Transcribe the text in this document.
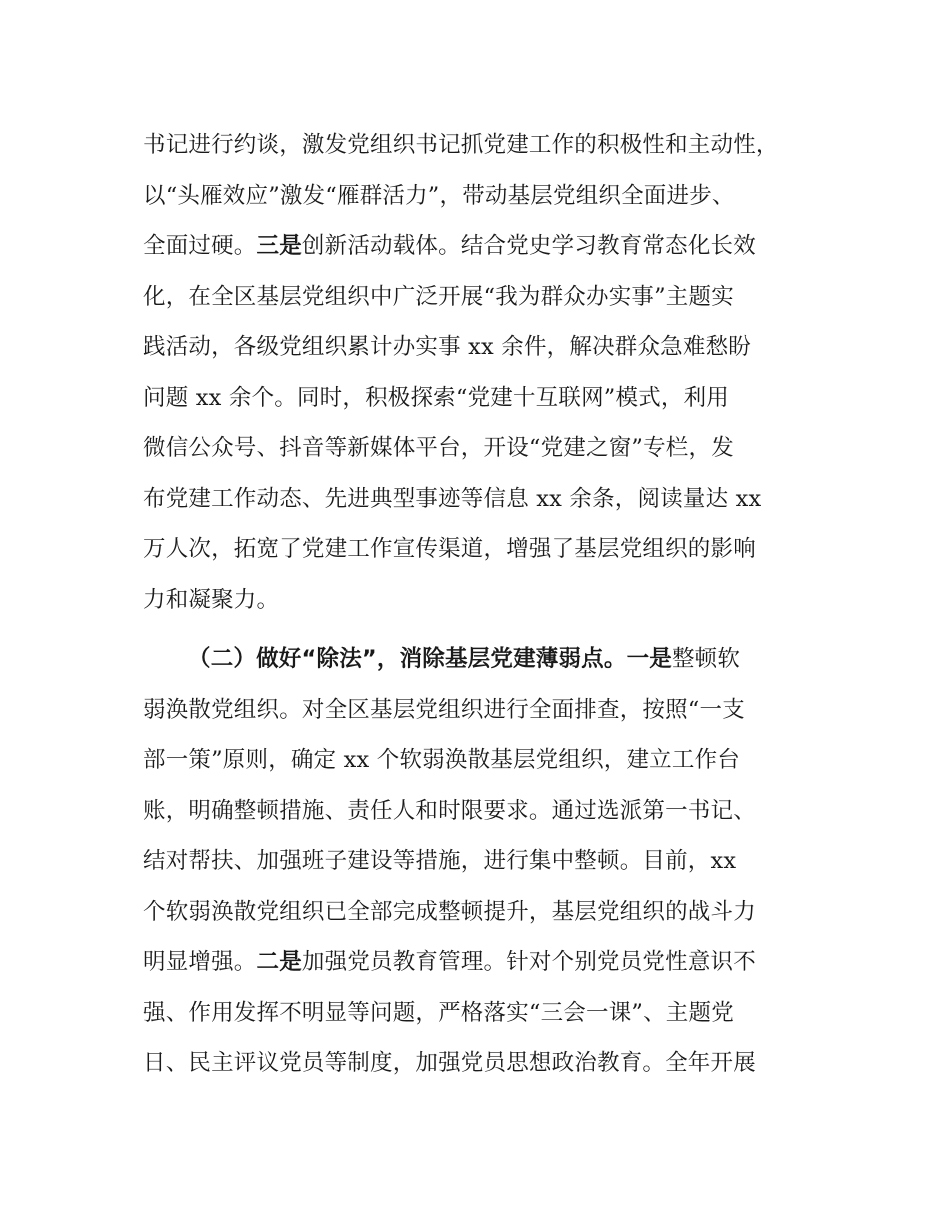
书记进行约谈，激发党组织书记抓党建工作的积极性和主动性，
以“头雁效应”激发“雁群活力”，带动基层党组织全面进步、
全面过硬。三是创新活动载体。结合党史学习教育常态化长效
化，在全区基层党组织中广泛开展“我为群众办实事”主题实
践活动，各级党组织累计办实事 xx 余件，解决群众急难愁盼
问题 xx 余个。同时，积极探索“党建十互联网”模式，利用
微信公众号、抖音等新媒体平台，开设“党建之窗”专栏，发
布党建工作动态、先进典型事迹等信息 xx 余条，阅读量达 xx
万人次，拓宽了党建工作宣传渠道，增强了基层党组织的影响
力和凝聚力。
（二）做好“除法”，消除基层党建薄弱点。一是整顿软
弱涣散党组织。对全区基层党组织进行全面排查，按照“一支
部一策”原则，确定 xx 个软弱涣散基层党组织，建立工作台
账，明确整顿措施、责任人和时限要求。通过选派第一书记、
结对帮扶、加强班子建设等措施，进行集中整顿。目前，xx
个软弱涣散党组织已全部完成整顿提升，基层党组织的战斗力
明显增强。二是加强党员教育管理。针对个别党员党性意识不
强、作用发挥不明显等问题，严格落实“三会一课”、主题党
日、民主评议党员等制度，加强党员思想政治教育。全年开展
